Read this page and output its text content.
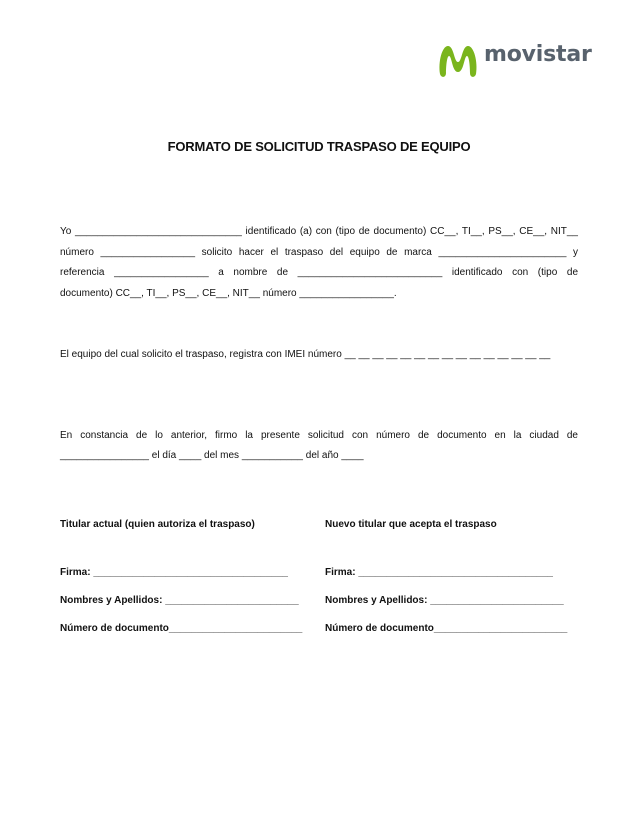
movistar
FORMATO DE SOLICITUD TRASPASO DE EQUIPO
Yo ______________________________ identificado (a) con (tipo de documento) CC__, TI__, PS__, CE__, NIT__
número _________________ solicito hacer el traspaso del equipo de marca _______________________ y
referencia _________________ a nombre de __________________________ identificado con (tipo de
documento) CC__, TI__, PS__, CE__, NIT__ número _________________.
El equipo del cual solicito el traspaso, registra con IMEI número __ __ __ __ __ __ __ __ __ __ __ __ __ __ __
En constancia de lo anterior, firmo la presente solicitud con número de documento en la ciudad de
________________ el día ____ del mes ___________ del año ____
Titular actual (quien autoriza el traspaso)
Firma: ___________________________________
Nombres y Apellidos: ________________________
Número de documento________________________
Nuevo titular que acepta el traspaso
Firma: ___________________________________
Nombres y Apellidos: ________________________
Número de documento________________________
